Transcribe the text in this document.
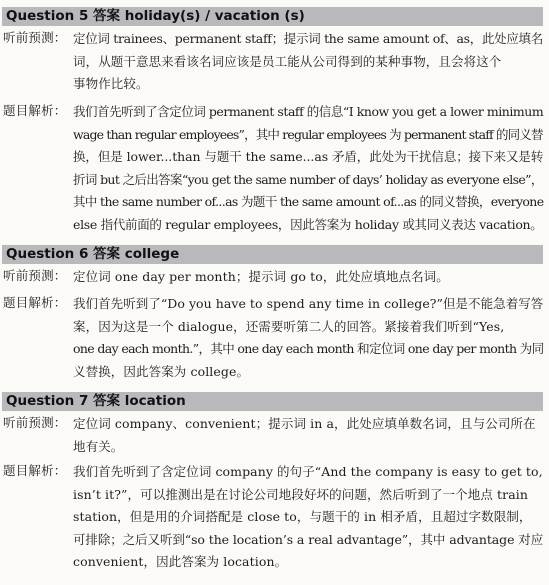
Question 5 答案 holiday(s) / vacation (s)
听前预测： 定位词 trainees、permanent staff；提示词 the same amount of、as，此处应填名
词，从题干意思来看该名词应该是员工能从公司得到的某种事物，且会将这个
事物作比较。
题目解析： 我们首先听到了含定位词 permanent staff 的信息“I know you get a lower minimum
wage than regular employees”，其中 regular employees 为 permanent staff 的同义替
换，但是 lower...than 与题干 the same...as 矛盾，此处为干扰信息；接下来又是转
折词 but 之后出答案“you get the same number of days’ holiday as everyone else”，
其中 the same number of...as 为题干 the same amount of...as 的同义替换，everyone
else 指代前面的 regular employees，因此答案为 holiday 或其同义表达 vacation。
Question 6 答案 college
听前预测： 定位词 one day per month；提示词 go to，此处应填地点名词。
题目解析： 我们首先听到了“Do you have to spend any time in college?”但是不能急着写答
案，因为这是一个 dialogue，还需要听第二人的回答。紧接着我们听到“Yes,
one day each month.”，其中 one day each month 和定位词 one day per month 为同
义替换，因此答案为 college。
Question 7 答案 location
听前预测： 定位词 company、convenient；提示词 in a，此处应填单数名词，且与公司所在
地有关。
题目解析： 我们首先听到了含定位词 company 的句子“And the company is easy to get to,
isn’t it?”，可以推测出是在讨论公司地段好坏的问题，然后听到了一个地点 train
station，但是用的介词搭配是 close to，与题干的 in 相矛盾，且超过字数限制，
可排除；之后又听到“so the location’s a real advantage”，其中 advantage 对应
convenient，因此答案为 location。
